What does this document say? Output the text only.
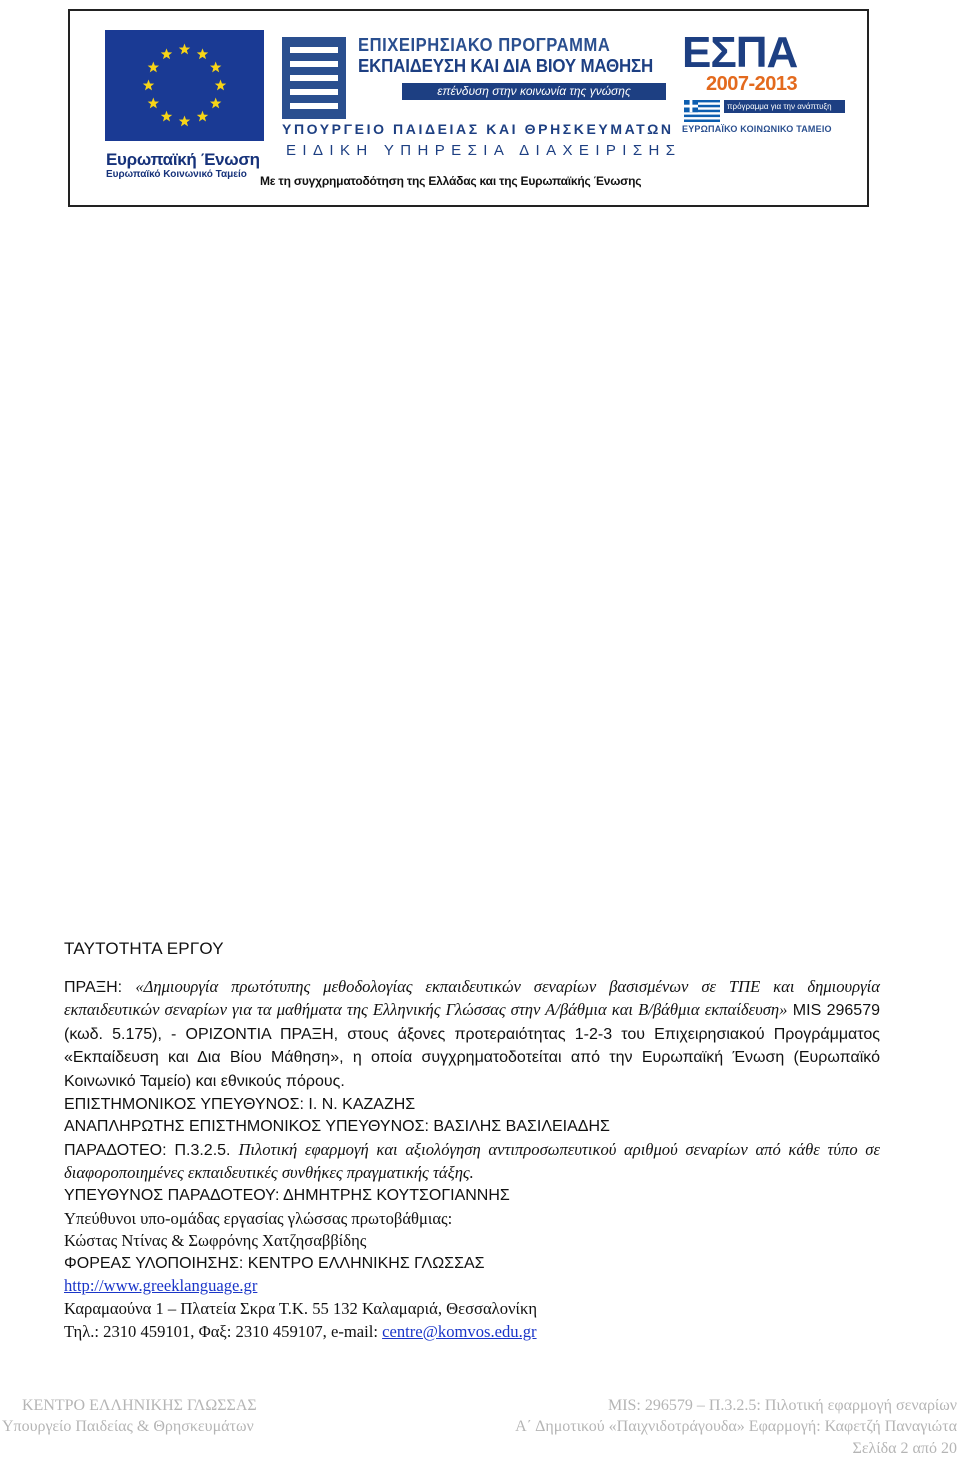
Ευρωπαϊκή Ένωση
Ευρωπαϊκό Κοινωνικό Ταμείο
ΕΠΙΧΕΙΡΗΣΙΑΚΟ ΠΡΟΓΡΑΜΜΑ
ΕΚΠΑΙΔΕΥΣΗ ΚΑΙ ΔΙΑ ΒΙΟΥ ΜΑΘΗΣΗ
επένδυση στην κοινωνία της γνώσης
ΥΠΟΥΡΓΕΙΟ ΠΑΙΔΕΙΑΣ ΚΑΙ ΘΡΗΣΚΕΥΜΑΤΩΝ
ΕΙΔΙΚΗ ΥΠΗΡΕΣΙΑ ΔΙΑΧΕΙΡΙΣΗΣ
Με τη συγχρηματοδότηση της Ελλάδας και της Ευρωπαϊκής Ένωσης
ΕΣΠΑ
2007-2013
πρόγραμμα για την ανάπτυξη
ΕΥΡΩΠΑΪΚΟ ΚΟΙΝΩΝΙΚΟ ΤΑΜΕΙΟ

ΤΑΥΤΟΤΗΤΑ ΕΡΓΟΥ

ΠΡΑΞΗ: «Δημιουργία πρωτότυπης μεθοδολογίας εκπαιδευτικών σεναρίων βασισμένων σε ΤΠΕ και δημιουργία εκπαιδευτικών σεναρίων για τα μαθήματα της Ελληνικής Γλώσσας στην Α/βάθμια και Β/βάθμια εκπαίδευση» MIS 296579 (κωδ. 5.175), - ΟΡΙΖΟΝΤΙΑ ΠΡΑΞΗ, στους άξονες προτεραιότητας 1-2-3 του Επιχειρησιακού Προγράμματος «Εκπαίδευση και Δια Βίου Μάθηση», η οποία συγχρηματοδοτείται από την Ευρωπαϊκή Ένωση (Ευρωπαϊκό Κοινωνικό Ταμείο) και εθνικούς πόρους.

ΕΠΙΣΤΗΜΟΝΙΚΟΣ ΥΠΕΥΘΥΝΟΣ: Ι. Ν. ΚΑΖΑΖΗΣ

ΑΝΑΠΛΗΡΩΤΗΣ ΕΠΙΣΤΗΜΟΝΙΚΟΣ ΥΠΕΥΘΥΝΟΣ: ΒΑΣΙΛΗΣ ΒΑΣΙΛΕΙΑΔΗΣ

ΠΑΡΑΔΟΤΕΟ: Π.3.2.5. Πιλοτική εφαρμογή και αξιολόγηση αντιπροσωπευτικού αριθμού σεναρίων από κάθε τύπο σε διαφοροποιημένες εκπαιδευτικές συνθήκες πραγματικής τάξης.

ΥΠΕΥΘΥΝΟΣ ΠΑΡΑΔΟΤΕΟΥ: ΔΗΜΗΤΡΗΣ ΚΟΥΤΣΟΓΙΑΝΝΗΣ

Υπεύθυνοι υπο-ομάδας εργασίας γλώσσας πρωτοβάθμιας:

Κώστας Ντίνας & Σωφρόνης Χατζησαββίδης

ΦΟΡΕΑΣ ΥΛΟΠΟΙΗΣΗΣ: ΚΕΝΤΡΟ ΕΛΛΗΝΙΚΗΣ ΓΛΩΣΣΑΣ

http://www.greeklanguage.gr

Καραμαούνα 1 – Πλατεία Σκρα Τ.Κ. 55 132 Καλαμαριά, Θεσσαλονίκη

Τηλ.: 2310 459101, Φαξ: 2310 459107, e-mail: centre@komvos.edu.gr

ΚΕΝΤΡΟ ΕΛΛΗΝΙΚΗΣ ΓΛΩΣΣΑΣ
Υπουργείο Παιδείας & Θρησκευμάτων
MIS: 296579 – Π.3.2.5: Πιλοτική εφαρμογή σεναρίων
Α΄ Δημοτικού «Παιχνιδοτράγουδα» Εφαρμογή: Καφετζή Παναγιώτα
Σελίδα 2 από 20
